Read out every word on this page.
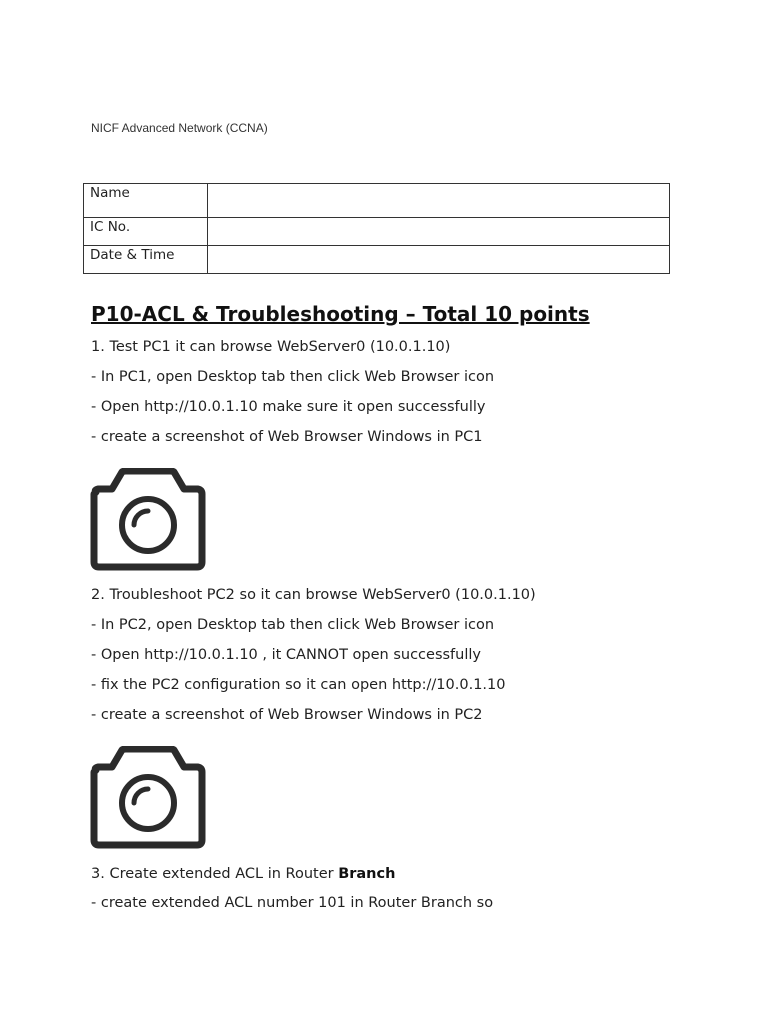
NICF Advanced Network (CCNA)
Name	
IC No.	
Date & Time	
P10-ACL & Troubleshooting – Total 10 points
1. Test PC1 it can browse WebServer0 (10.0.1.10)
- In PC1, open Desktop tab then click Web Browser icon
- Open http://10.0.1.10 make sure it open successfully
- create a screenshot of Web Browser Windows in PC1
2. Troubleshoot PC2 so it can browse WebServer0 (10.0.1.10)
- In PC2, open Desktop tab then click Web Browser icon
- Open http://10.0.1.10 , it CANNOT open successfully
- fix the PC2 configuration so it can open http://10.0.1.10
- create a screenshot of Web Browser Windows in PC2
3. Create extended ACL in Router Branch
- create extended ACL number 101 in Router Branch so
